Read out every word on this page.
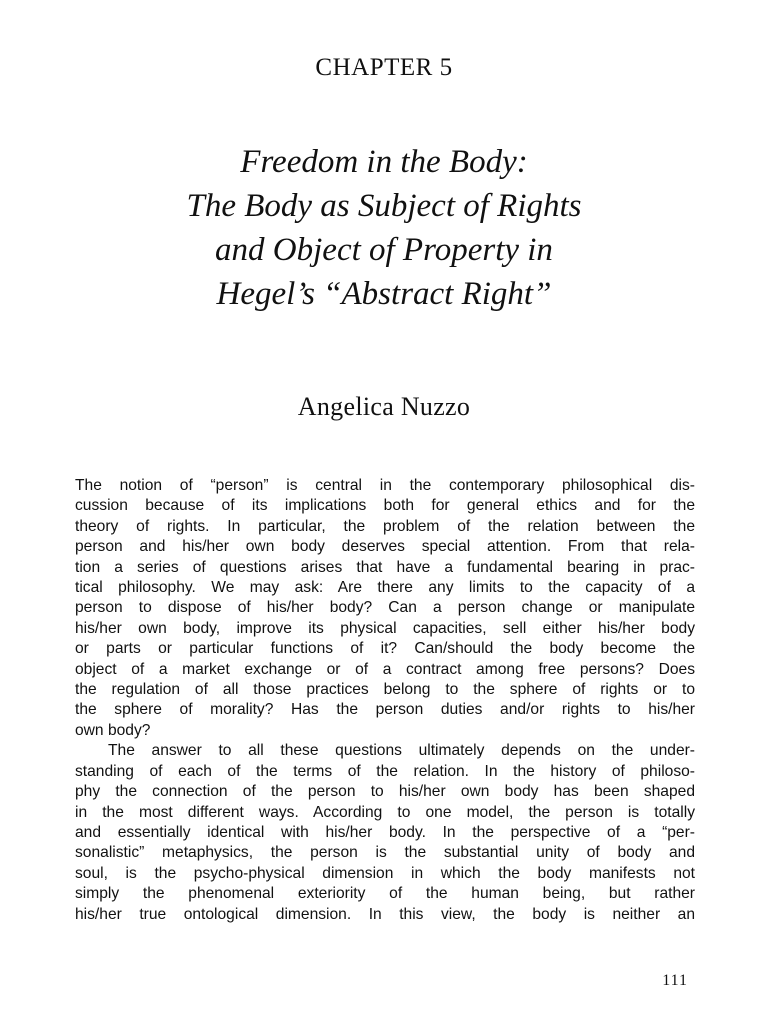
CHAPTER 5
Freedom in the Body:
The Body as Subject of Rights
and Object of Property in
Hegel’s “Abstract Right”
Angelica Nuzzo
The notion of “person” is central in the contemporary philosophical dis-
cussion because of its implications both for general ethics and for the
theory of rights. In particular, the problem of the relation between the
person and his/her own body deserves special attention. From that rela-
tion a series of questions arises that have a fundamental bearing in prac-
tical philosophy. We may ask: Are there any limits to the capacity of a
person to dispose of his/her body? Can a person change or manipulate
his/her own body, improve its physical capacities, sell either his/her body
or parts or particular functions of it? Can/should the body become the
object of a market exchange or of a contract among free persons? Does
the regulation of all those practices belong to the sphere of rights or to
the sphere of morality? Has the person duties and/or rights to his/her
own body?
The answer to all these questions ultimately depends on the under-
standing of each of the terms of the relation. In the history of philoso-
phy the connection of the person to his/her own body has been shaped
in the most different ways. According to one model, the person is totally
and essentially identical with his/her body. In the perspective of a “per-
sonalistic” metaphysics, the person is the substantial unity of body and
soul, is the psycho-physical dimension in which the body manifests not
simply the phenomenal exteriority of the human being, but rather
his/her true ontological dimension. In this view, the body is neither an
111
